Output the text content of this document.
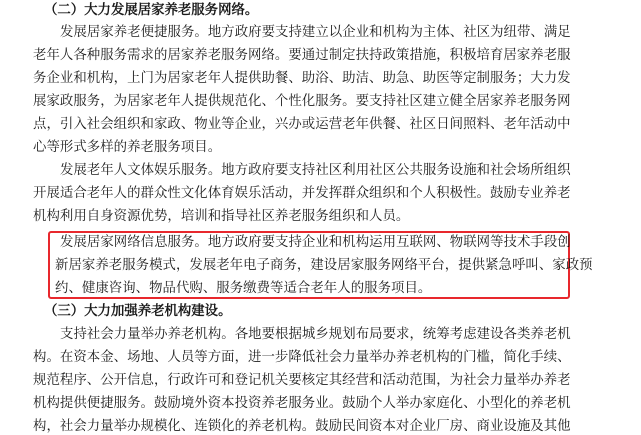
（二）大力发展居家养老服务网络。
发展居家养老便捷服务。地方政府要支持建立以企业和机构为主体、社区为纽带、满足
老年人各种服务需求的居家养老服务网络。要通过制定扶持政策措施，积极培育居家养老服
务企业和机构，上门为居家老年人提供助餐、助浴、助洁、助急、助医等定制服务；大力发
展家政服务，为居家老年人提供规范化、个性化服务。要支持社区建立健全居家养老服务网
点，引入社会组织和家政、物业等企业，兴办或运营老年供餐、社区日间照料、老年活动中
心等形式多样的养老服务项目。
发展老年人文体娱乐服务。地方政府要支持社区利用社区公共服务设施和社会场所组织
开展适合老年人的群众性文化体育娱乐活动，并发挥群众组织和个人积极性。鼓励专业养老
机构利用自身资源优势，培训和指导社区养老服务组织和人员。
发展居家网络信息服务。地方政府要支持企业和机构运用互联网、物联网等技术手段创
新居家养老服务模式，发展老年电子商务，建设居家服务网络平台，提供紧急呼叫、家政预
约、健康咨询、物品代购、服务缴费等适合老年人的服务项目。
（三）大力加强养老机构建设。
支持社会力量举办养老机构。各地要根据城乡规划布局要求，统筹考虑建设各类养老机
构。在资本金、场地、人员等方面，进一步降低社会力量举办养老机构的门槛，简化手续、
规范程序、公开信息，行政许可和登记机关要核定其经营和活动范围，为社会力量举办养老
机构提供便捷服务。鼓励境外资本投资养老服务业。鼓励个人举办家庭化、小型化的养老机
构，社会力量举办规模化、连锁化的养老机构。鼓励民间资本对企业厂房、商业设施及其他
